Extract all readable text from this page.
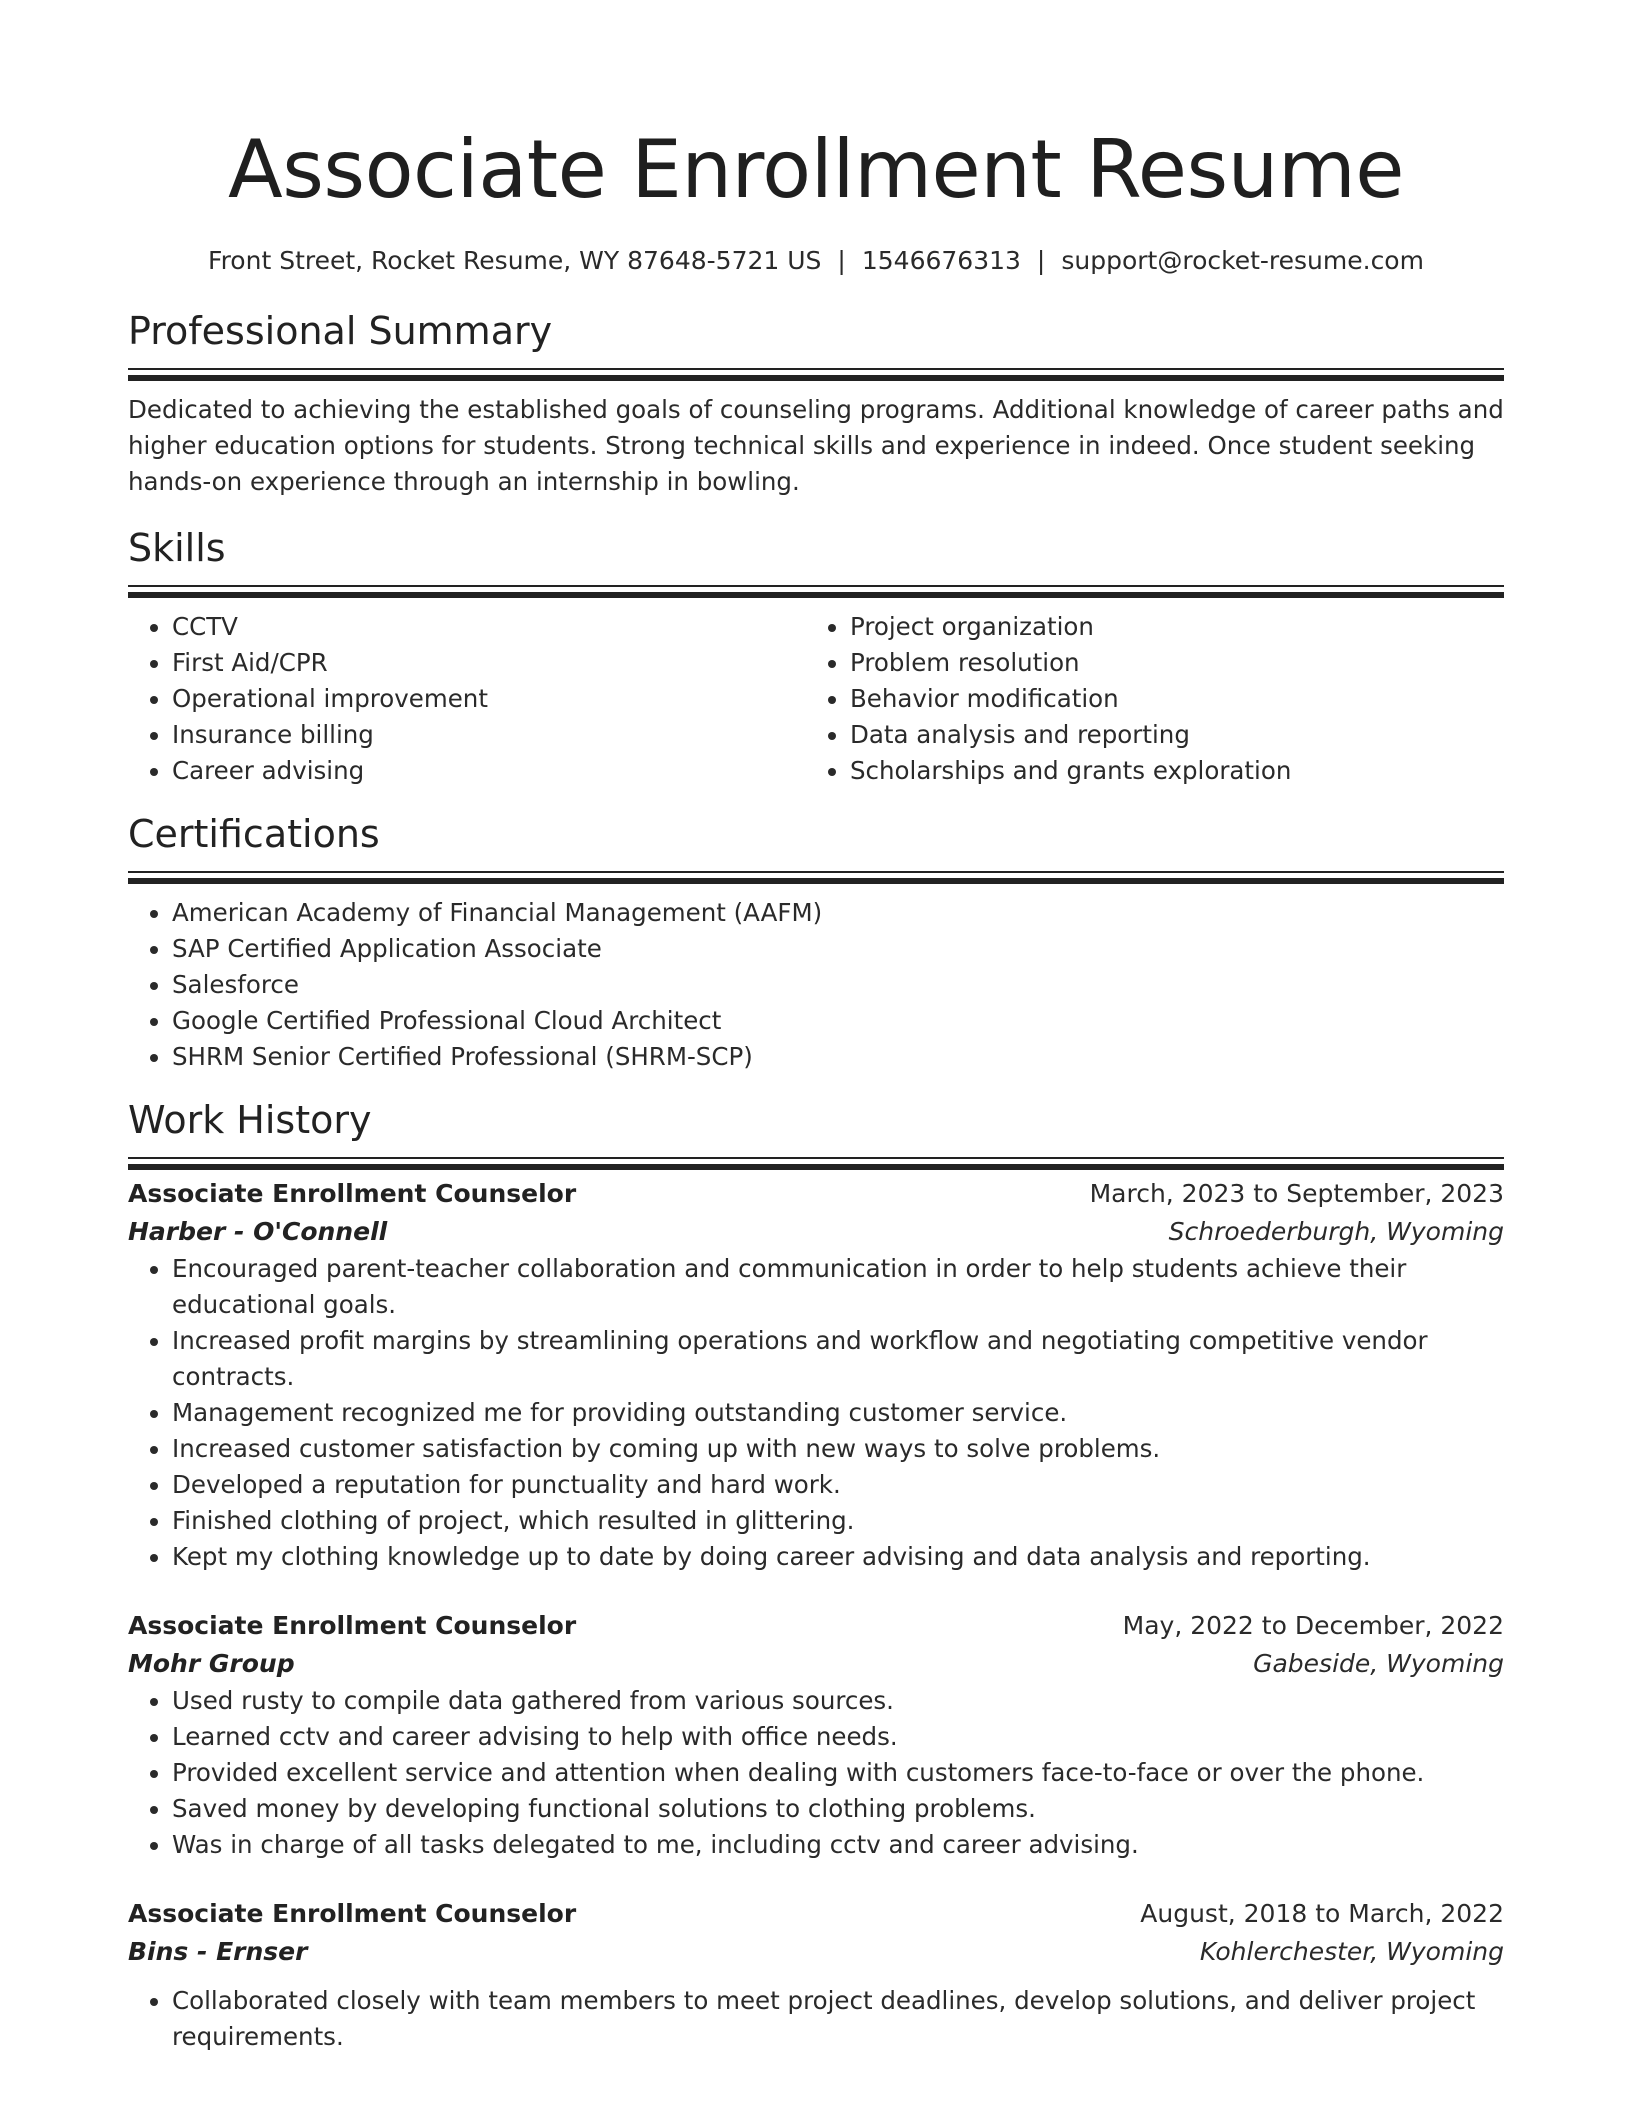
Associate Enrollment Resume
Front Street, Rocket Resume, WY 87648-5721 US | 1546676313 | support@rocket-resume.com
Professional Summary

Dedicated to achieving the established goals of counseling programs. Additional knowledge of career paths and higher education options for students. Strong technical skills and experience in indeed. Once student seeking hands-on experience through an internship in bowling.

Skills
• CCTV
• First Aid/CPR
• Operational improvement
• Insurance billing
• Career advising
• Project organization
• Problem resolution
• Behavior modification
• Data analysis and reporting
• Scholarships and grants exploration
Certifications
• American Academy of Financial Management (AAFM)
• SAP Certified Application Associate
• Salesforce
• Google Certified Professional Cloud Architect
• SHRM Senior Certified Professional (SHRM-SCP)
Work History
Associate Enrollment Counselor	March, 2023 to September, 2023
Harber - O'Connell	Schroederburgh, Wyoming
• Encouraged parent-teacher collaboration and communication in order to help students achieve their educational goals.
• Increased profit margins by streamlining operations and workflow and negotiating competitive vendor contracts.
• Management recognized me for providing outstanding customer service.
• Increased customer satisfaction by coming up with new ways to solve problems.
• Developed a reputation for punctuality and hard work.
• Finished clothing of project, which resulted in glittering.
• Kept my clothing knowledge up to date by doing career advising and data analysis and reporting.
Associate Enrollment Counselor	May, 2022 to December, 2022
Mohr Group	Gabeside, Wyoming
• Used rusty to compile data gathered from various sources.
• Learned cctv and career advising to help with office needs.
• Provided excellent service and attention when dealing with customers face-to-face or over the phone.
• Saved money by developing functional solutions to clothing problems.
• Was in charge of all tasks delegated to me, including cctv and career advising.
Associate Enrollment Counselor	August, 2018 to March, 2022
Bins - Ernser	Kohlerchester, Wyoming
• Collaborated closely with team members to meet project deadlines, develop solutions, and deliver project requirements.
